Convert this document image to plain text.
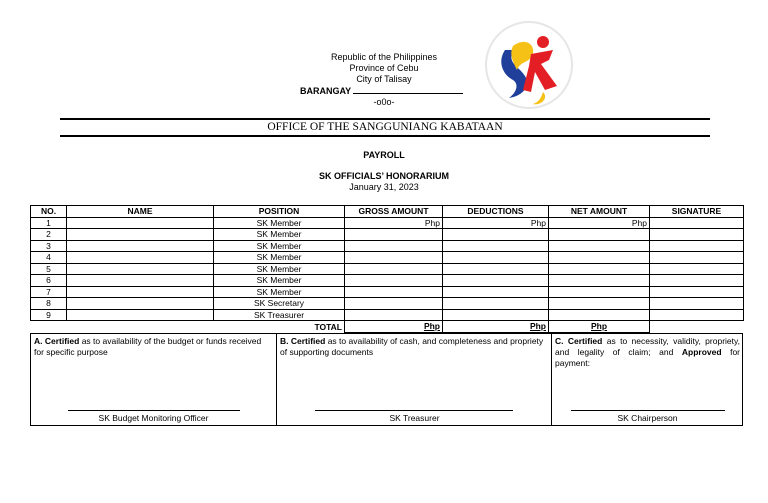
Republic of the Philippines
Province of Cebu
City of Talisay
BARANGAY
-o0o-
OFFICE OF THE SANGGUNIANG KABATAAN
PAYROLL
SK OFFICIALS’ HONORARIUM
January 31, 2023
NO.	NAME	POSITION	GROSS AMOUNT	DEDUCTIONS	NET AMOUNT	SIGNATURE
1		SK Member	Php	Php	Php	
2		SK Member				
3		SK Member				
4		SK Member				
5		SK Member				
6		SK Member				
7		SK Member				
8		SK Secretary				
9		SK Treasurer				
		TOTAL	Php	Php	Php	
A. Certified as to availability of the budget or funds received for specific purpose
SK Budget Monitoring Officer
B. Certified as to availability of cash, and completeness and propriety of supporting documents
SK Treasurer
C. Certified as to necessity, validity, propriety, and legality of claim; and Approved for payment:
SK Chairperson
